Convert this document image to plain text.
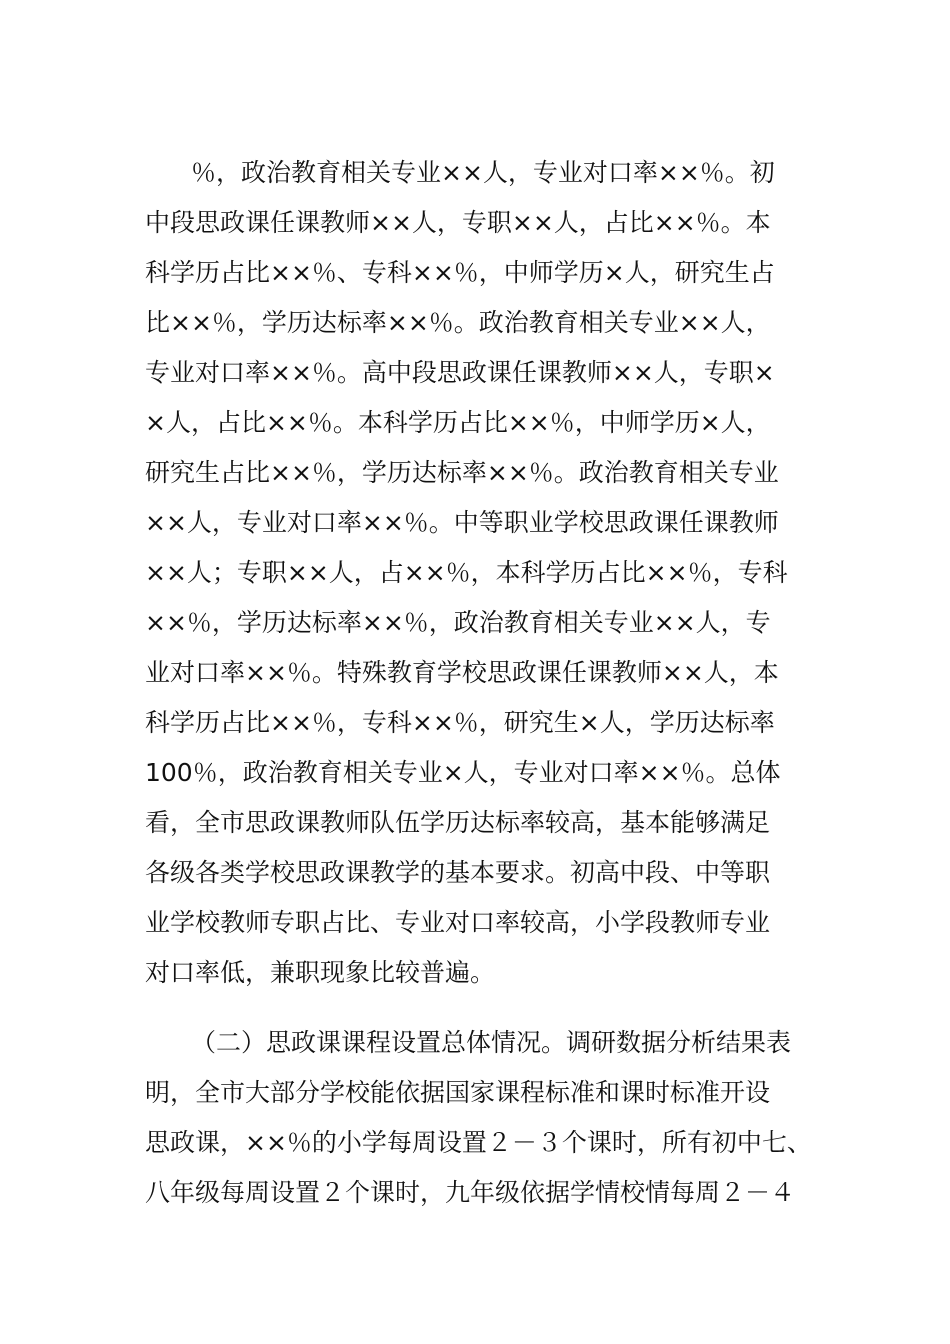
％，政治教育相关专业××人，专业对口率××％。初
中段思政课任课教师××人，专职××人，占比××％。本
科学历占比××％、专科××％，中师学历×人，研究生占
比××％，学历达标率××％。政治教育相关专业××人，
专业对口率××％。高中段思政课任课教师××人，专职×
×人，占比××％。本科学历占比××％，中师学历×人，
研究生占比××％，学历达标率××％。政治教育相关专业
××人，专业对口率××％。中等职业学校思政课任课教师
××人；专职××人，占××％，本科学历占比××％，专科
××％，学历达标率××％，政治教育相关专业××人，专
业对口率××％。特殊教育学校思政课任课教师××人，本
科学历占比××％，专科××％，研究生×人，学历达标率
100％，政治教育相关专业×人，专业对口率××％。总体
看，全市思政课教师队伍学历达标率较高，基本能够满足
各级各类学校思政课教学的基本要求。初高中段、中等职
业学校教师专职占比、专业对口率较高，小学段教师专业
对口率低，兼职现象比较普遍。
（二）思政课课程设置总体情况。调研数据分析结果表
明，全市大部分学校能依据国家课程标准和课时标准开设
思政课，××％的小学每周设置２－３个课时，所有初中七、
八年级每周设置２个课时，九年级依据学情校情每周２－４
